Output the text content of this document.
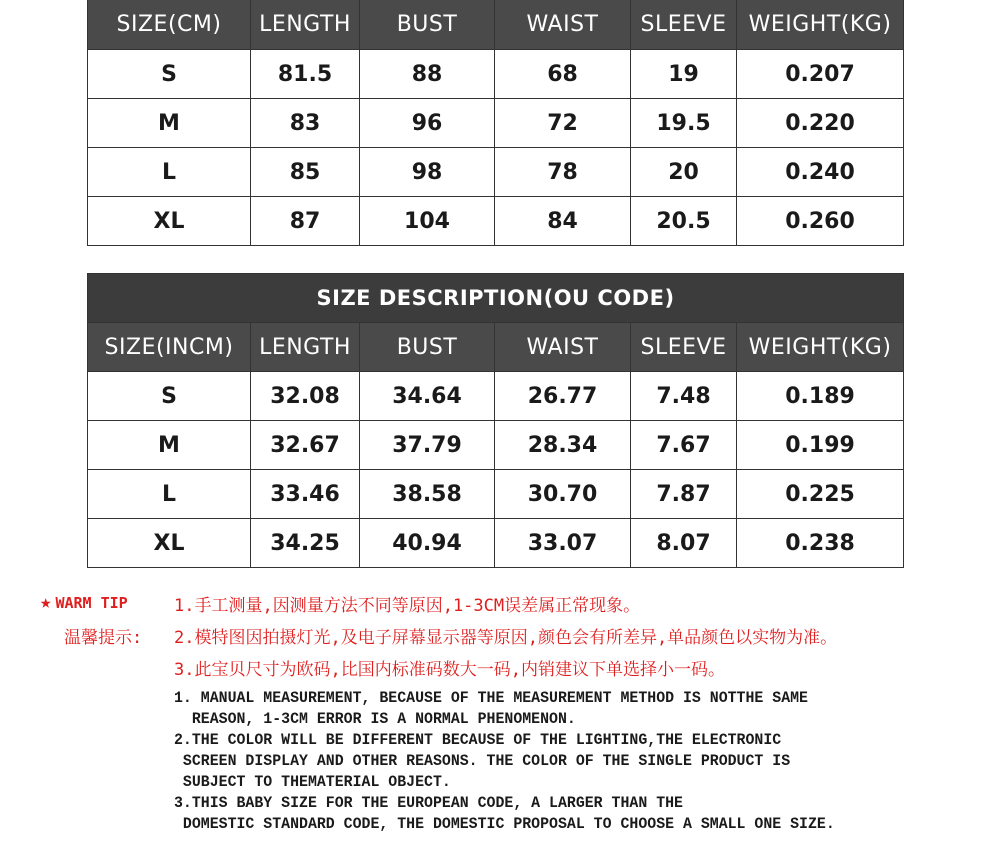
SIZE(CM)	LENGTH	BUST	WAIST	SLEEVE	WEIGHT(KG)
S	81.5	88	68	19	0.207
M	83	96	72	19.5	0.220
L	85	98	78	20	0.240
XL	87	104	84	20.5	0.260
SIZE DESCRIPTION(OU CODE)					
SIZE(INCM)	LENGTH	BUST	WAIST	SLEEVE	WEIGHT(KG)
S	32.08	34.64	26.77	7.48	0.189
M	32.67	37.79	28.34	7.67	0.199
L	33.46	38.58	30.70	7.87	0.225
XL	34.25	40.94	33.07	8.07	0.238
★ WARM TIP
温馨提示:
1.手工测量,因测量方法不同等原因,1-3CM误差属正常现象。
2.模特图因拍摄灯光,及电子屏幕显示器等原因,颜色会有所差异,单品颜色以实物为准。
3.此宝贝尺寸为欧码,比国内标准码数大一码,内销建议下单选择小一码。
1. MANUAL MEASUREMENT, BECAUSE OF THE MEASUREMENT METHOD IS NOTTHE SAME
REASON, 1-3CM ERROR IS A NORMAL PHENOMENON.
2.THE COLOR WILL BE DIFFERENT BECAUSE OF THE LIGHTING,THE ELECTRONIC
SCREEN DISPLAY AND OTHER REASONS. THE COLOR OF THE SINGLE PRODUCT IS
SUBJECT TO THEMATERIAL OBJECT.
3.THIS BABY SIZE FOR THE EUROPEAN CODE, A LARGER THAN THE
DOMESTIC STANDARD CODE, THE DOMESTIC PROPOSAL TO CHOOSE A SMALL ONE SIZE.
